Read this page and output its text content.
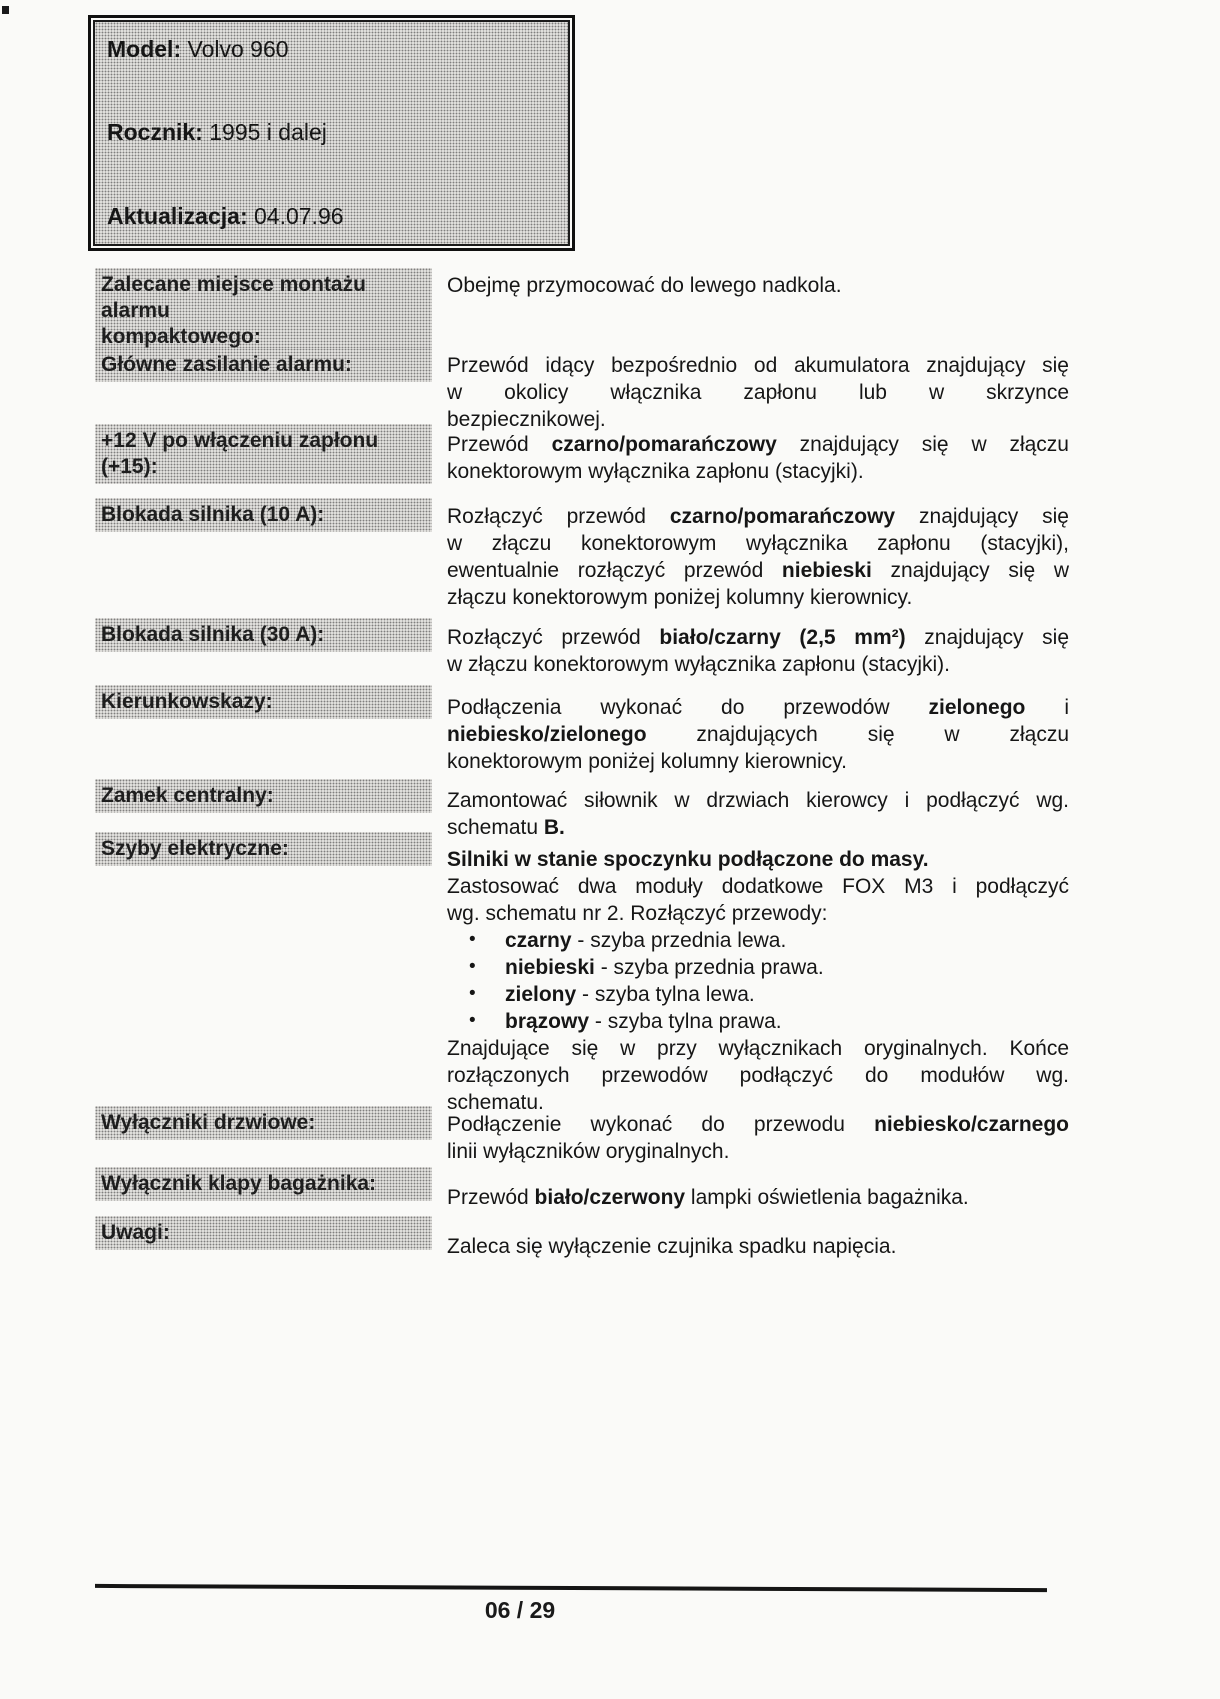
Model: Volvo 960
Rocznik: 1995 i dalej
Aktualizacja: 04.07.96
Zalecane miejsce montażu alarmu
kompaktowego:
Obejmę przymocować do lewego nadkola.
Główne zasilanie alarmu:	Przewód idący bezpośrednio od akumulatora znajdujący się
w okolicy włącznika zapłonu lub w skrzynce
bezpiecznikowej.
+12 V po włączeniu zapłonu (+15):
Przewód czarno/pomarańczowy znajdujący się w złączu
konektorowym wyłącznika zapłonu (stacyjki).
Blokada silnika (10 A):	Rozłączyć przewód czarno/pomarańczowy znajdujący się
w złączu konektorowym wyłącznika zapłonu (stacyjki),
ewentualnie rozłączyć przewód niebieski znajdujący się w
złączu konektorowym poniżej kolumny kierownicy.
Blokada silnika (30 A):	Rozłączyć przewód biało/czarny (2,5 mm²) znajdujący się
w złączu konektorowym wyłącznika zapłonu (stacyjki).
Kierunkowskazy:	Podłączenia wykonać do przewodów zielonego i
niebiesko/zielonego znajdujących się w złączu
konektorowym poniżej kolumny kierownicy.
Zamek centralny:	Zamontować siłownik w drzwiach kierowcy i podłączyć wg.
schematu B.
Szyby elektryczne:	Silniki w stanie spoczynku podłączone do masy.
Zastosować dwa moduły dodatkowe FOX M3 i podłączyć
wg. schematu nr 2. Rozłączyć przewody:
• czarny - szyba przednia lewa.
• niebieski - szyba przednia prawa.
• zielony - szyba tylna lewa.
• brązowy - szyba tylna prawa.
Znajdujące się w przy wyłącznikach oryginalnych. Końce
rozłączonych przewodów podłączyć do modułów wg.
schematu.
Wyłączniki drzwiowe:	Podłączenie wykonać do przewodu niebiesko/czarnego
linii wyłączników oryginalnych.
Wyłącznik klapy bagażnika:
Przewód biało/czerwony lampki oświetlenia bagażnika.
Uwagi:
Zaleca się wyłączenie czujnika spadku napięcia.
06 / 29
